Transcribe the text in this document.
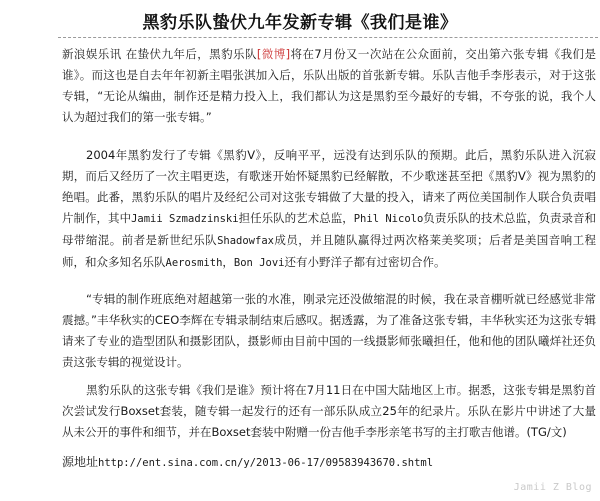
黑豹乐队蛰伏九年发新专辑《我们是谁》
新浪娱乐讯 在蛰伏九年后，黑豹乐队[微博]将在7月份又一次站在公众面前，交出第六张专辑《我们是谁》。而这也是自去年年初新主唱张淇加入后，乐队出版的首张新专辑。乐队吉他手李彤表示，对于这张专辑，“无论从编曲，制作还是精力投入上，我们都认为这是黑豹至今最好的专辑，不夸张的说，我个人认为超过我们的第一张专辑。”
2004年黑豹发行了专辑《黑豹V》，反响平平，远没有达到乐队的预期。此后，黑豹乐队进入沉寂期，而后又经历了一次主唱更迭，有歌迷开始怀疑黑豹已经解散，不少歌迷甚至把《黑豹V》视为黑豹的绝唱。此番，黑豹乐队的唱片及经纪公司对这张专辑做了大量的投入，请来了两位美国制作人联合负责唱片制作，其中Jamii Szmadzinski担任乐队的艺术总监，Phil Nicolo负责乐队的技术总监，负责录音和母带缩混。前者是新世纪乐队Shadowfax成员，并且随队赢得过两次格莱美奖项；后者是美国音响工程师，和众多知名乐队Aerosmith，Bon Jovi还有小野洋子都有过密切合作。
“专辑的制作班底绝对超越第一张的水准，刚录完还没做缩混的时候，我在录音棚听就已经感觉非常震撼。”丰华秋实的CEO李辉在专辑录制结束后感叹。据透露，为了准备这张专辑，丰华秋实还为这张专辑请来了专业的造型团队和摄影团队，摄影师由目前中国的一线摄影师张曦担任，他和他的团队曦烊社还负责这张专辑的视觉设计。
黑豹乐队的这张专辑《我们是谁》预计将在7月11日在中国大陆地区上市。据悉，这张专辑是黑豹首次尝试发行Boxset套装，随专辑一起发行的还有一部乐队成立25年的纪录片。乐队在影片中讲述了大量从未公开的事件和细节，并在Boxset套装中附赠一份吉他手李彤亲笔书写的主打歌吉他谱。(TG/文)
源地址http://ent.sina.com.cn/y/2013-06-17/09583943670.shtml
Jamii Z Blog
